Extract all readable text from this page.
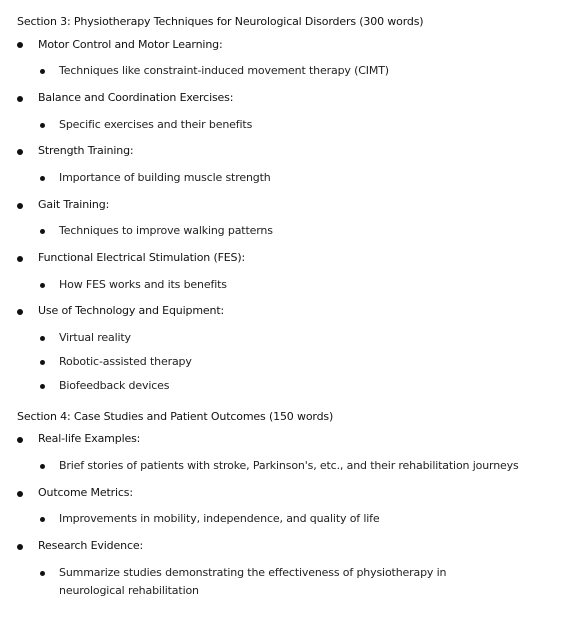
Section 3: Physiotherapy Techniques for Neurological Disorders (300 words)
Motor Control and Motor Learning:
Techniques like constraint-induced movement therapy (CIMT)
Balance and Coordination Exercises:
Specific exercises and their benefits
Strength Training:
Importance of building muscle strength
Gait Training:
Techniques to improve walking patterns
Functional Electrical Stimulation (FES):
How FES works and its benefits
Use of Technology and Equipment:
Virtual reality
Robotic-assisted therapy
Biofeedback devices
Section 4: Case Studies and Patient Outcomes (150 words)
Real-life Examples:
Brief stories of patients with stroke, Parkinson's, etc., and their rehabilitation journeys
Outcome Metrics:
Improvements in mobility, independence, and quality of life
Research Evidence:
Summarize studies demonstrating the effectiveness of physiotherapy in neurological rehabilitation
